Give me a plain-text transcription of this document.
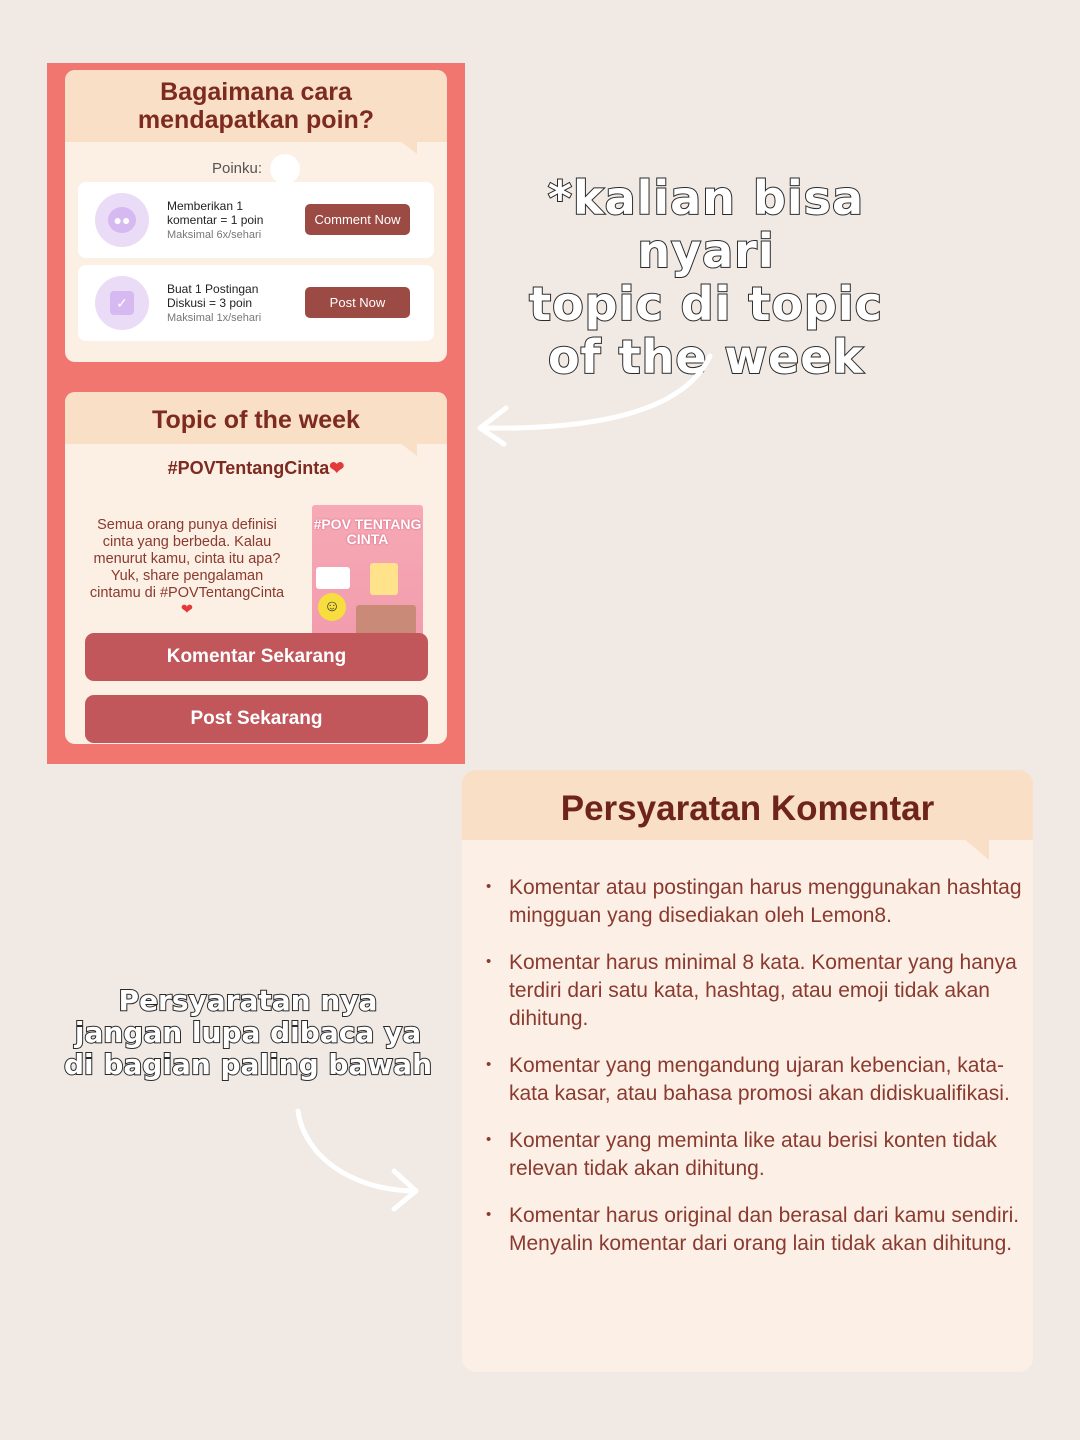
Bagaimana cara mendapatkan poin?
Poinku:
●●
Memberikan 1
komentar = 1 poin
Maksimal 6x/sehari
Comment Now
✓
Buat 1 Postingan
Diskusi = 3 poin
Maksimal 1x/sehari
Post Now
Topic of the week
#POVTentangCinta❤
Semua orang punya definisi cinta yang berbeda. Kalau menurut kamu, cinta itu apa? Yuk, share pengalaman cintamu di #POVTentangCinta❤
#POV TENTANG CINTA
☺
Komentar Sekarang
Post Sekarang
*kalian bisa nyari
topic di topic
of the week
Persyaratan nya
jangan lupa dibaca ya
di bagian paling bawah
Persyaratan Komentar
• Komentar atau postingan harus menggunakan hashtag mingguan yang disediakan oleh Lemon8.
• Komentar harus minimal 8 kata. Komentar yang hanya terdiri dari satu kata, hashtag, atau emoji tidak akan dihitung.
• Komentar yang mengandung ujaran kebencian, kata-kata kasar, atau bahasa promosi akan didiskualifikasi.
• Komentar yang meminta like atau berisi konten tidak relevan tidak akan dihitung.
• Komentar harus original dan berasal dari kamu sendiri. Menyalin komentar dari orang lain tidak akan dihitung.
